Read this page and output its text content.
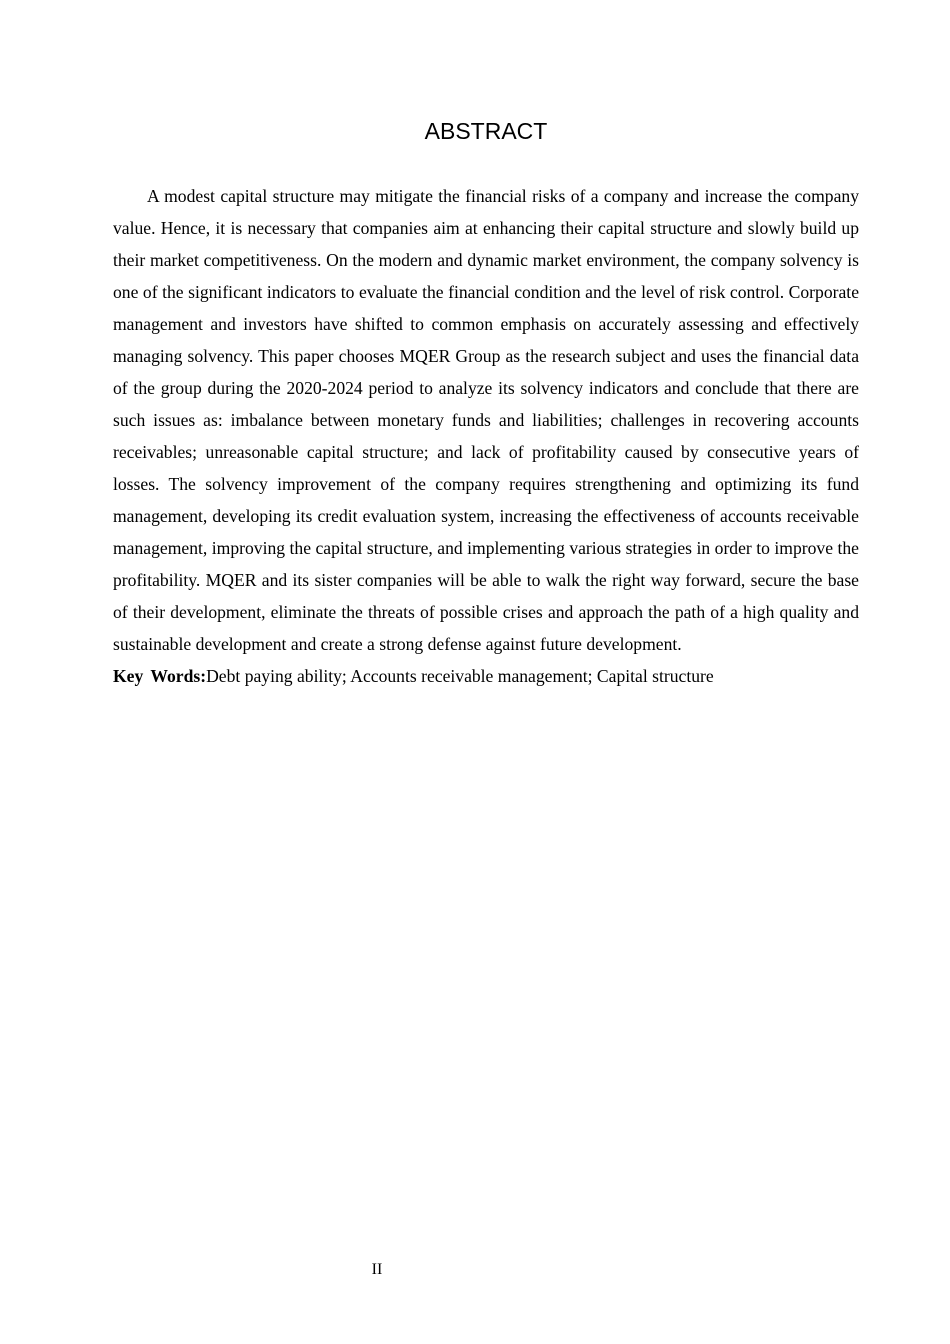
ABSTRACT

A modest capital structure may mitigate the financial risks of a company and increase the company value. Hence, it is necessary that companies aim at enhancing their capital structure and slowly build up their market competitiveness. On the modern and dynamic market environment, the company solvency is one of the significant indicators to evaluate the financial condition and the level of risk control. Corporate management and investors have shifted to common emphasis on accurately assessing and effectively managing solvency. This paper chooses MQER Group as the research subject and uses the financial data of the group during the 2020-2024 period to analyze its solvency indicators and conclude that there are such issues as: imbalance between monetary funds and liabilities; challenges in recovering accounts receivables; unreasonable capital structure; and lack of profitability caused by consecutive years of losses. The solvency improvement of the company requires strengthening and optimizing its fund management, developing its credit evaluation system, increasing the effectiveness of accounts receivable management, improving the capital structure, and implementing various strategies in order to improve the profitability. MQER and its sister companies will be able to walk the right way forward, secure the base of their development, eliminate the threats of possible crises and approach the path of a high quality and sustainable development and create a strong defense against future development.

Key Words:Debt paying ability; Accounts receivable management; Capital structure

II
